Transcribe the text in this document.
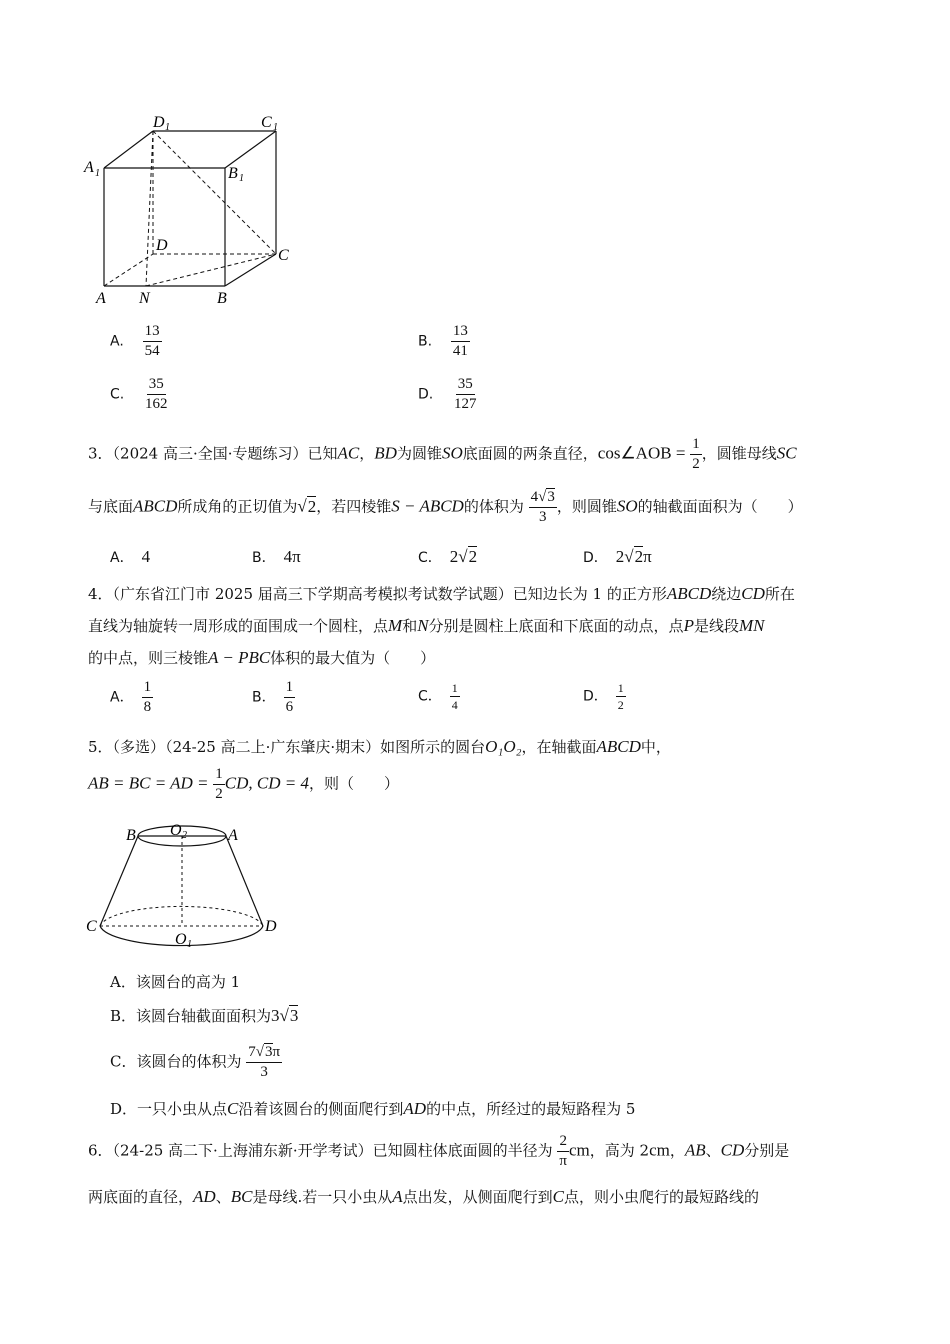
D 1	C 1
A 1	B 1
D
C
A N	B
A. $\frac{13}{54}$	B. $\frac{13}{41}$
C. $\frac{35}{162}$	D. $\frac{35}{127}$
3．（2024 高三·全国·专题练习）已知AC，BD为圆锥SO底面圆的两条直径，cos∠AOB = $\frac{1}{2}$ ，圆锥母线SC
与底面ABCD所成角的正切值为√2，若四棱锥S − ABCD的体积为 $\frac{4√3}{3}$ ，则圆锥SO的轴截面面积为（　　）
A． 4	B． 4π	C． 2√2	D． 2√2π
4．（广东省江门市 2025 届高三下学期高考模拟考试数学试题）已知边长为 1 的正方形ABCD绕边CD所在
直线为轴旋转一周形成的面围成一个圆柱，点M和N分别是圆柱上底面和下底面的动点，点P是线段MN
的中点，则三棱锥A − PBC体积的最大值为（　　）
A． $\frac{1}{8}$	B． $\frac{1}{6}$	C． $\frac{1}{4}$	D． $\frac{1}{2}$
5．（多选）（24-25 高二上·广东肇庆·期末）如图所示的圆台O₁O₂，在轴截面ABCD中，
AB = BC = AD = $\frac{1}{2}$ CD, CD = 4，则（　　）
B O 2	A
C
O 1
D
A．该圆台的高为 1
B．该圆台轴截面面积为3√3
C．该圆台的体积为 $\frac{7√3\pi}{3}$
D．一只小虫从点C沿着该圆台的侧面爬行到AD的中点，所经过的最短路程为 5
6．（24-25 高二下·上海浦东新·开学考试）已知圆柱体底面圆的半径为 $\frac{2}{\pi}$ cm，高为 2cm，AB、CD分别是
两底面的直径，AD、BC是母线.若一只小虫从A点出发，从侧面爬行到C点，则小虫爬行的最短路线的
